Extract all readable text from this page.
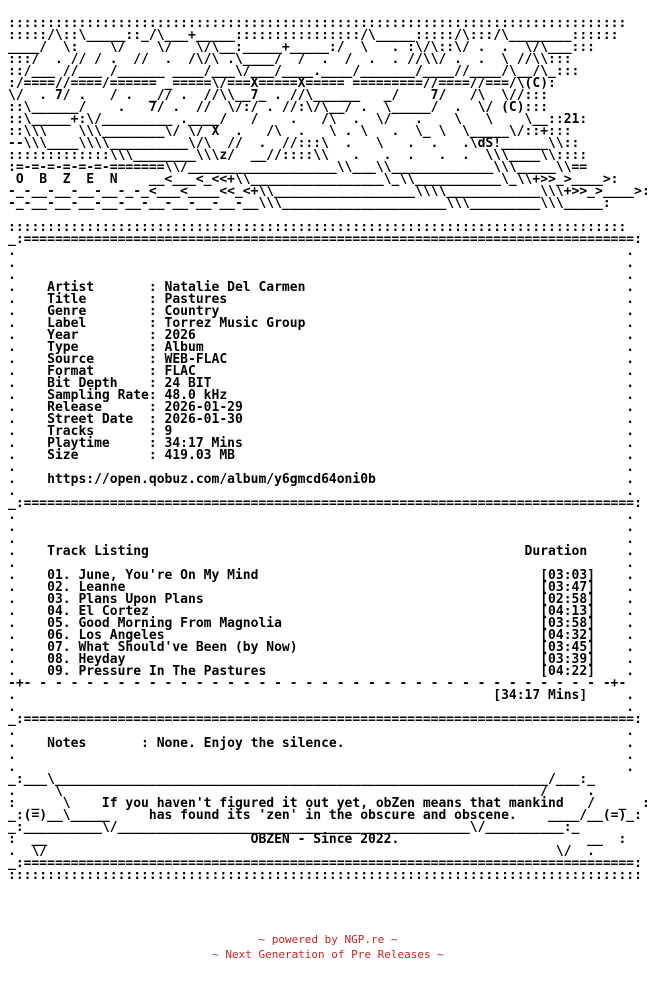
:::::::::::::::::::::::::::::::::::::::::::::::::::::::::::::::::::::::::::::::
:::::/\::\_____::_/\___+_____::::::::::::::::/\_____:::::/\:::/\________::::::
____/  \:    \/    \/   \/\__:_____+_____:/  \   . :\/\::\/ .  .  \/\___:::
:::/  . // / .  //  .  /\/\ .\____/  /  .  /  .  . //\\/ .  .  \ //\\:::
::/___ //___ /______ ____/___\/___/____.____/_______/____//____/\__/\_:::
:/====//====/====== _=====\/===X=====X===== =========//====//===/\(C):
\/  . 7/ .   / .  _// .  //\\__7_ . //\______   _/    7/   /\  \//:::
::\______/    .   7/ .  //  \/:/ . //:\/\__/ .  \_____/  .  \/ (C):::
::\_____+:\/_________ .____/   /    .   /\  .  \/   .    \   \    \__::21:
::\\\    \\\________\/ \/ X  .   /\  .   \ . \   .  \_ \  \_____\/::+:::
--\\\____\\\\__________\/\  //  .  //:::\  .   \   .  .   .\dS!______\\::
:::::::::::::\\\________\\\z/  __//::::\\   .   .  .   .  .  \\\____\\::::
:=-=-=-=-=-=-=======\\/___________________\\___\\_____________\\\_____\\==
O  B  Z  E  N    __<___<_<<+\\_________________\_\\___________\_\\+>>_>____>:
-_-__-__-__-__-_-_<___<____<<_<+\\__________________\\\\____________\\\+>>_>____>:
-_-__-__-__-__-__-__-__-__-__-__\\\_____________________\\\_________\\\_____:

:::::::::::::::::::::::::::::::::::::::::::::::::::::::::::::::::::::::::::::::
_:==============================================================================:
.                                                                              .
.                                                                              .
.                                                                              .
.    Artist       : Natalie Del Carmen                                         .
.    Title        : Pastures                                                   .
.    Genre        : Country                                                    .
.    Label        : Torrez Music Group                                         .
.    Year         : 2026                                                       .
.    Type         : Album                                                      .
.    Source       : WEB-FLAC                                                   .
.    Format       : FLAC                                                       .
.    Bit Depth    : 24 BIT                                                     .
.    Sampling Rate: 48.0 kHz                                                   .
.    Release      : 2026-01-29                                                 .
.    Street Date  : 2026-01-30                                                 .
.    Tracks       : 9                                                          .
.    Playtime     : 34:17 Mins                                                 .
.    Size         : 419.03 MB                                                  .
.                                                                              .
.    https://open.qobuz.com/album/y6gmcd64oni0b                                .
.                                                                              .
_:==============================================================================:
.                                                                              .
.                                                                              .
.                                                                              .
.    Track Listing                                                Duration     .
.                                                                              .
.    01. June, You're On My Mind                                    [03:03]    .
.    02. Leanne                                                     [03:47]    .
.    03. Plans Upon Plans                                           [02:58]    .
.    04. El Cortez                                                  [04:13]    .
.    05. Good Morning From Magnolia                                 [03:58]    .
.    06. Los Angeles                                                [04:32]    .
.    07. What Should've Been (by Now)                               [03:45]    .
.    08. Heyday                                                     [03:39]    .
.    09. Pressure In The Pastures                                   [04:22]    .
-+- - - - - - - - - - - - - - - - - - - - - - - - - - - - - - - - - - - - - -+-
.                                                             [34:17 Mins]     .
.                                                                              .
_:==============================================================================:
.                                                                              .
.    Notes       : None. Enjoy the silence.                                    .
.                                                                              .
.                                                                              .
_:___\_______________________________________________________________/___:_
.     \                                                             /     .
:  _   \    If you haven't figured it out yet, obZen means that mankind   /   _  :
_:(=)__\_____     has found its 'zen' in the obscure and obscene.    ____/__(=)_:
_:__________\/_____________________________________________\/__________:_
:  __                          OBZEN - Since 2022.                        __  :
.  \/                                                                 \/  .
_:==============================================================================:
:::::::::::::::::::::::::::::::::::::::::::::::::::::::::::::::::::::::::::::::::
~ powered by NGP.re ~
~ Next Generation of Pre Releases ~
